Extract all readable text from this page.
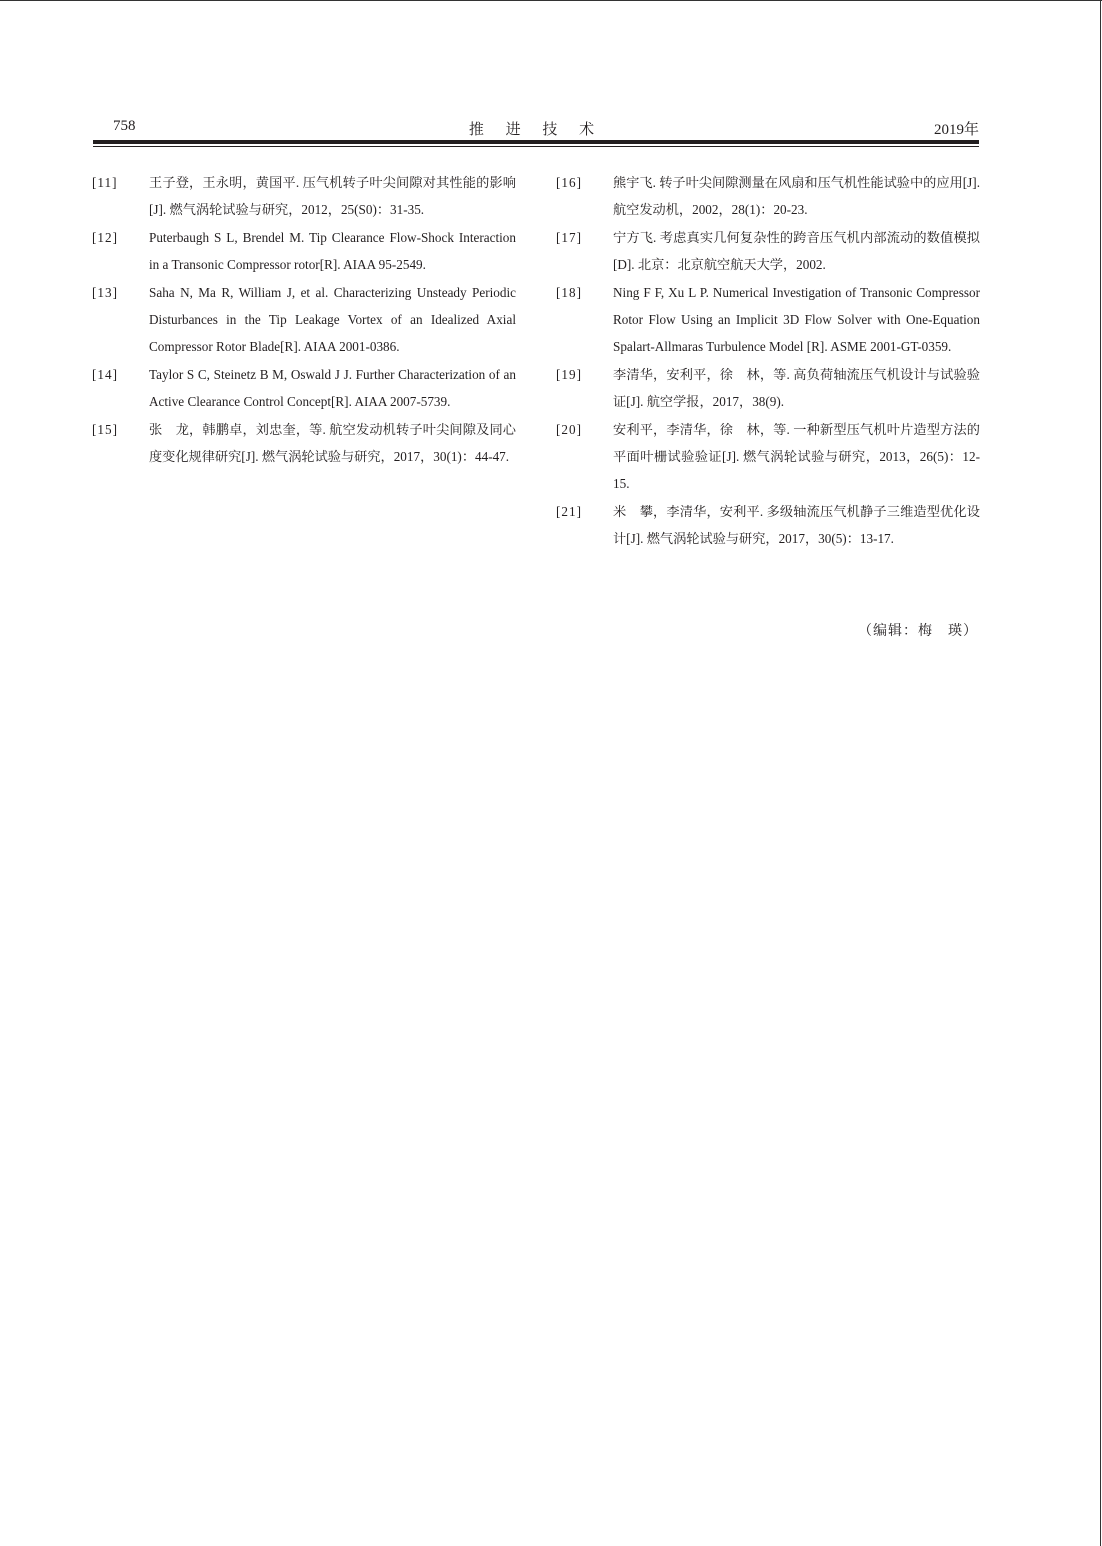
758	推 进 技 术	2019年
[11]	王子登，王永明，黄国平. 压气机转子叶尖间隙对其性能的影响[J]. 燃气涡轮试验与研究，2012，25(S0)：31-35.
[12]	Puterbaugh S L, Brendel M. Tip Clearance Flow-Shock Interaction in a Transonic Compressor rotor[R]. AIAA 95-2549.
[13]	Saha N, Ma R, William J, et al. Characterizing Unsteady Periodic Disturbances in the Tip Leakage Vortex of an Idealized Axial Compressor Rotor Blade[R]. AIAA 2001-0386.
[14]	Taylor S C, Steinetz B M, Oswald J J. Further Characterization of an Active Clearance Control Concept[R]. AIAA 2007-5739.
[15]	张　龙，韩鹏卓，刘忠奎，等. 航空发动机转子叶尖间隙及同心度变化规律研究[J]. 燃气涡轮试验与研究，2017，30(1)：44-47.
[16]	熊宇飞. 转子叶尖间隙测量在风扇和压气机性能试验中的应用[J]. 航空发动机，2002，28(1)：20-23.
[17]	宁方飞. 考虑真实几何复杂性的跨音压气机内部流动的数值模拟[D]. 北京：北京航空航天大学，2002.
[18]	Ning F F, Xu L P. Numerical Investigation of Transonic Compressor Rotor Flow Using an Implicit 3D Flow Solver with One-Equation Spalart-Allmaras Turbulence Model [R]. ASME 2001-GT-0359.
[19]	李清华，安利平，徐　林，等. 高负荷轴流压气机设计与试验验证[J]. 航空学报，2017，38(9).
[20]	安利平，李清华，徐　林，等. 一种新型压气机叶片造型方法的平面叶栅试验验证[J]. 燃气涡轮试验与研究，2013，26(5)：12-15.
[21]	米　攀，李清华，安利平. 多级轴流压气机静子三维造型优化设计[J]. 燃气涡轮试验与研究，2017，30(5)：13-17.
（编辑：梅　瑛）
